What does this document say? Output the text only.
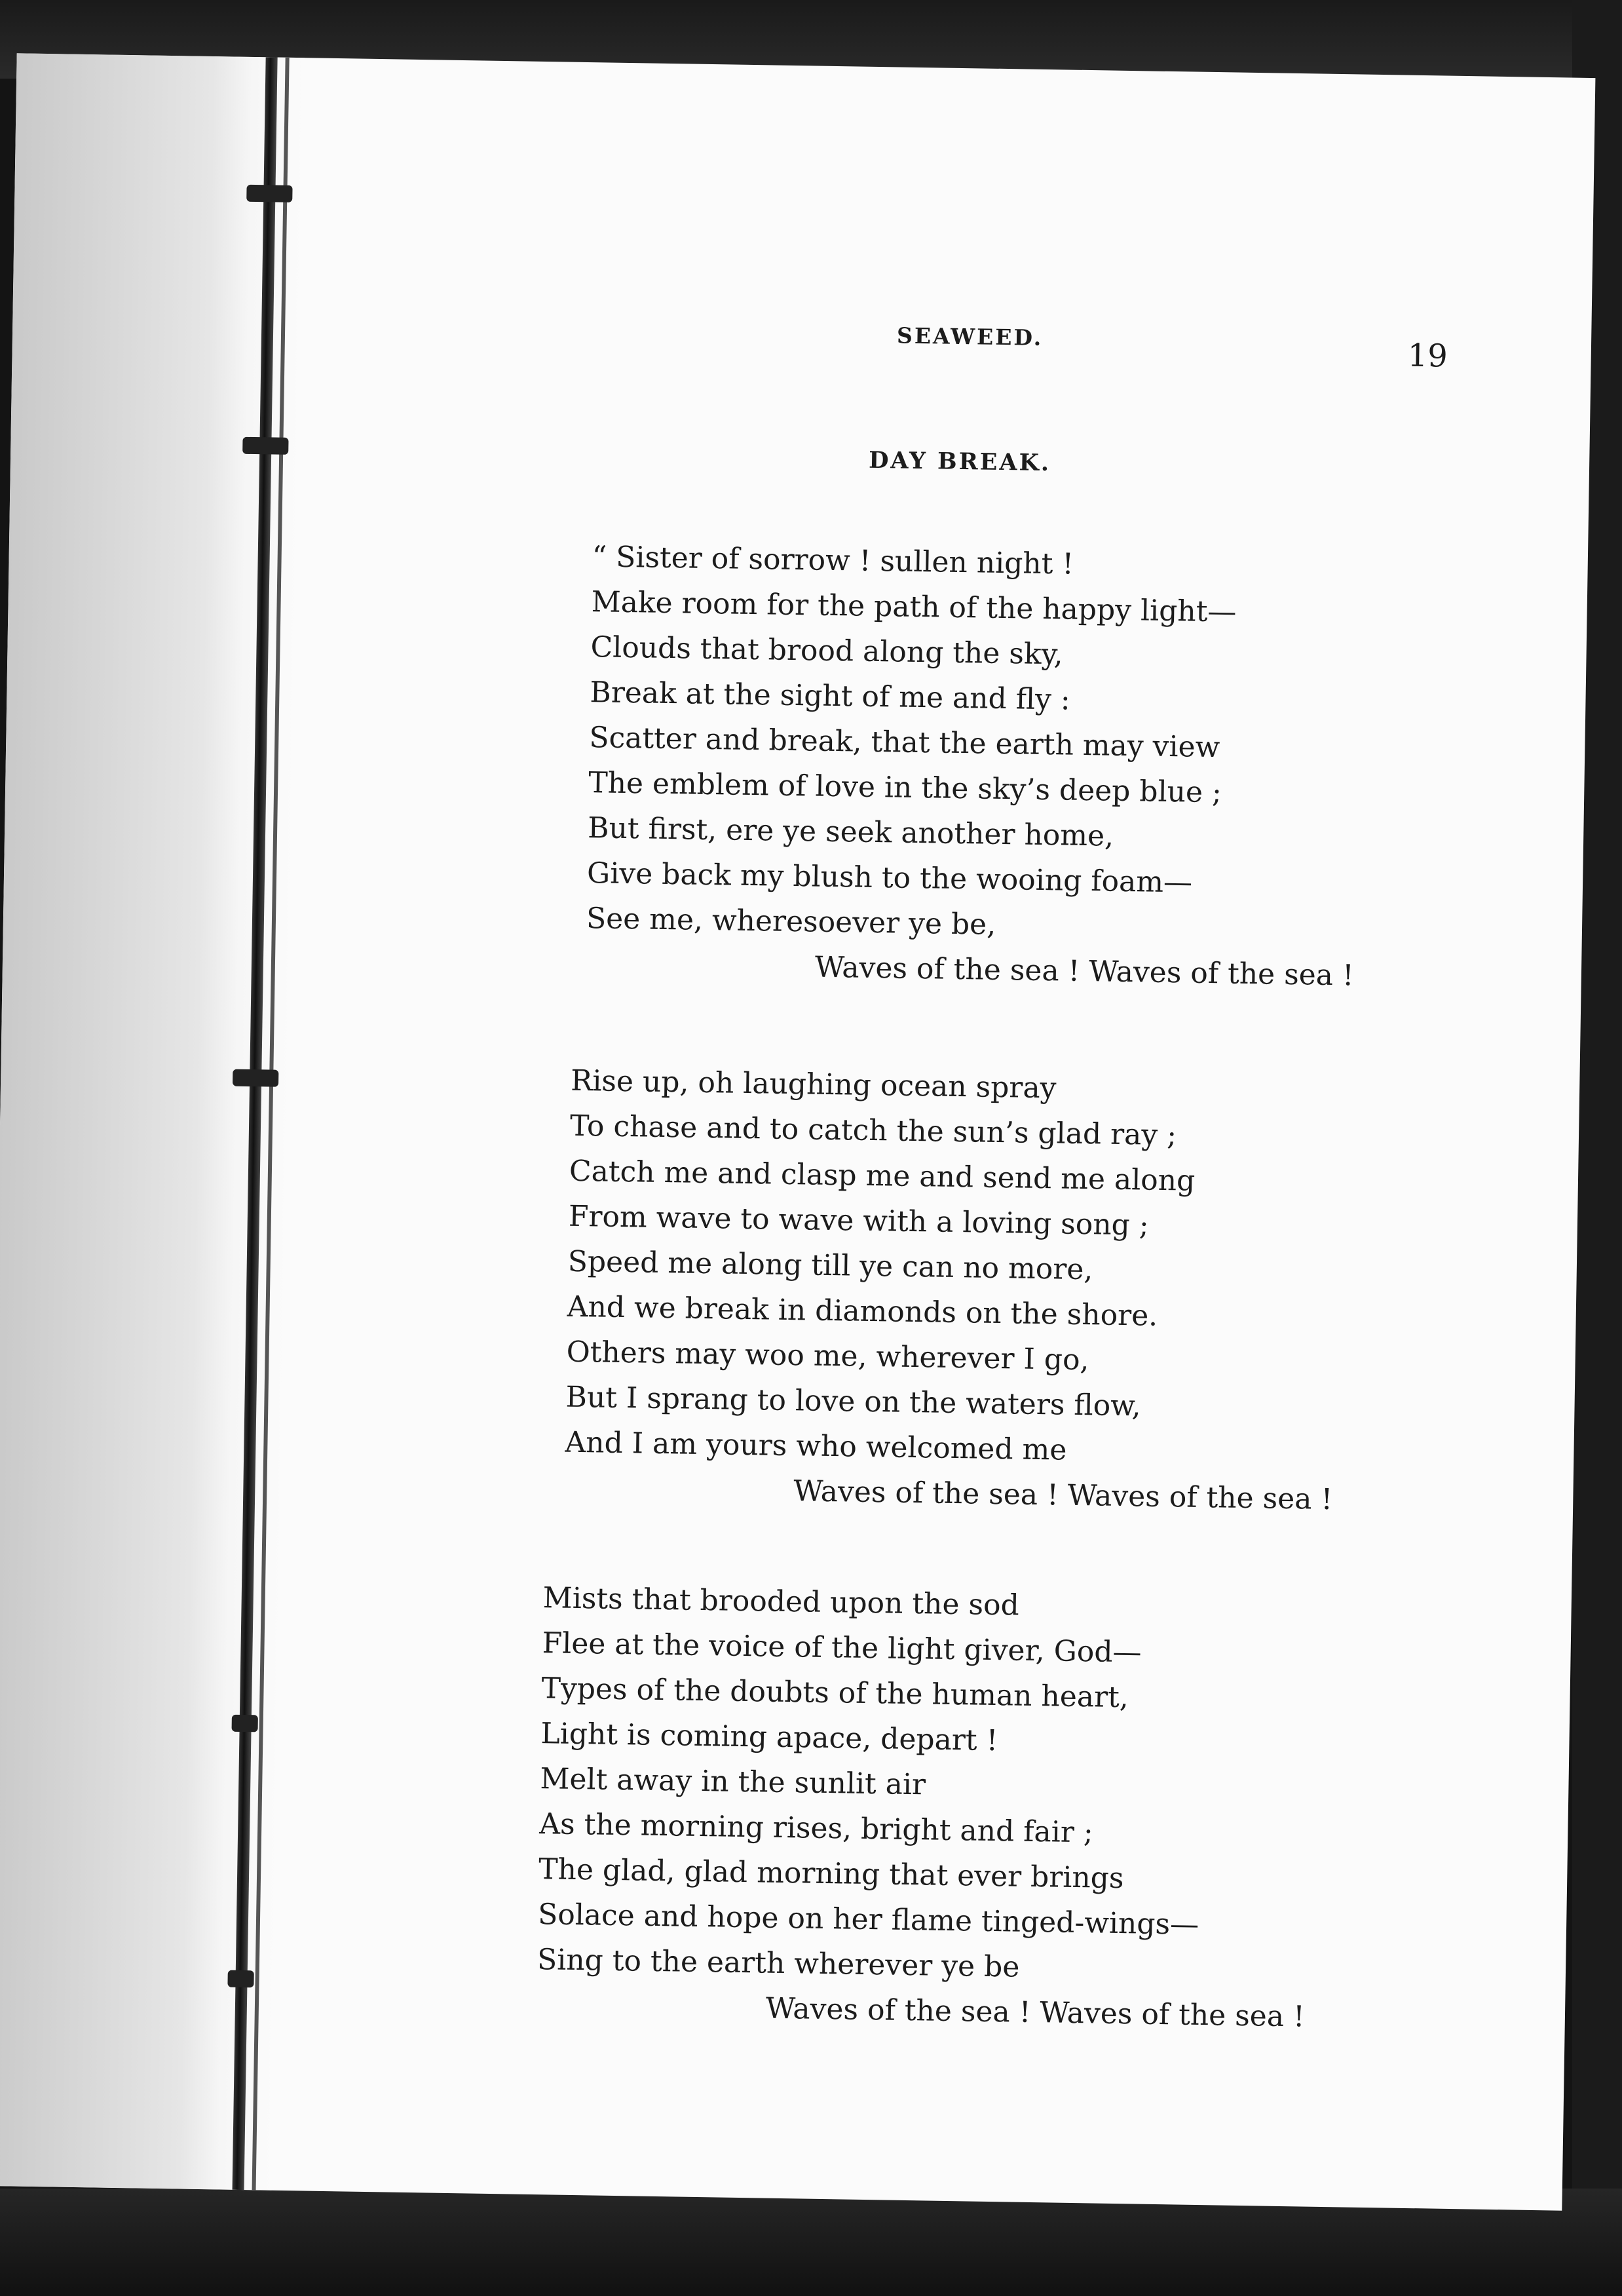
SEAWEED.
19
DAY BREAK.
“ Sister of sorrow ! sullen night !
Make room for the path of the happy light—
Clouds that brood along the sky,
Break at the sight of me and fly :
Scatter and break, that the earth may view
The emblem of love in the sky’s deep blue ;
But first, ere ye seek another home,
Give back my blush to the wooing foam—
See me, wheresoever ye be,
Waves of the sea ! Waves of the sea !
Rise up, oh laughing ocean spray
To chase and to catch the sun’s glad ray ;
Catch me and clasp me and send me along
From wave to wave with a loving song ;
Speed me along till ye can no more,
And we break in diamonds on the shore.
Others may woo me, wherever I go,
But I sprang to love on the waters flow,
And I am yours who welcomed me
Waves of the sea ! Waves of the sea !
Mists that brooded upon the sod
Flee at the voice of the light giver, God—
Types of the doubts of the human heart,
Light is coming apace, depart !
Melt away in the sunlit air
As the morning rises, bright and fair ;
The glad, glad morning that ever brings
Solace and hope on her flame tinged-wings—
Sing to the earth wherever ye be
Waves of the sea ! Waves of the sea !
